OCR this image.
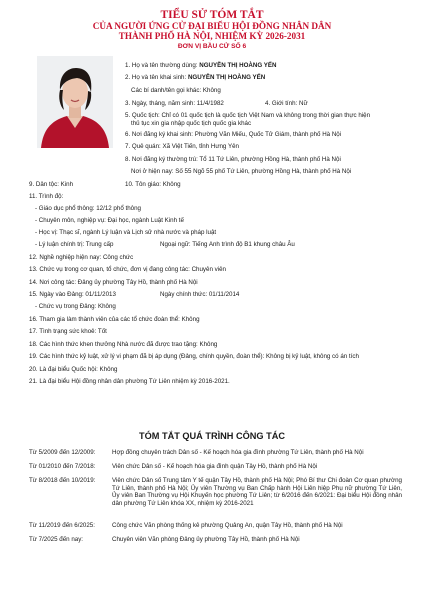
TIỂU SỬ TÓM TẮT
CỦA NGƯỜI ỨNG CỬ ĐẠI BIỂU HỘI ĐỒNG NHÂN DÂN
THÀNH PHỐ HÀ NỘI, NHIỆM KỲ 2026-2031
ĐƠN VỊ BẦU CỬ SỐ 6
1. Họ và tên thường dùng: NGUYỄN THỊ HOÀNG YẾN
2. Họ và tên khai sinh: NGUYỄN THỊ HOÀNG YẾN
Các bí danh/tên gọi khác: Không
3. Ngày, tháng, năm sinh: 11/4/1982	4. Giới tính: Nữ
5. Quốc tịch: Chỉ có 01 quốc tịch là quốc tịch Việt Nam và không trong thời gian thực hiện
thủ tục xin gia nhập quốc tịch quốc gia khác
6. Nơi đăng ký khai sinh: Phường Văn Miếu, Quốc Tử Giám, thành phố Hà Nội
7. Quê quán: Xã Việt Tiến, tỉnh Hưng Yên
8. Nơi đăng ký thường trú: Tổ 11 Tứ Liên, phường Hồng Hà, thành phố Hà Nội
Nơi ở hiện nay: Số 55 Ngõ 55 phố Tứ Liên, phường Hồng Hà, thành phố Hà Nội
9. Dân tộc: Kinh	10. Tôn giáo: Không
11. Trình độ:
- Giáo dục phổ thông: 12/12 phổ thông
- Chuyên môn, nghiệp vụ: Đại học, ngành Luật Kinh tế
- Học vị: Thạc sĩ, ngành Lý luận và Lịch sử nhà nước và pháp luật
- Lý luận chính trị: Trung cấp	Ngoại ngữ: Tiếng Anh trình độ B1 khung châu Âu
12. Nghề nghiệp hiện nay: Công chức
13. Chức vụ trong cơ quan, tổ chức, đơn vị đang công tác: Chuyên viên
14. Nơi công tác: Đảng ủy phường Tây Hồ, thành phố Hà Nội
15. Ngày vào Đảng: 01/11/2013	Ngày chính thức: 01/11/2014
- Chức vụ trong Đảng: Không
16. Tham gia làm thành viên của các tổ chức đoàn thể: Không
17. Tình trạng sức khoẻ: Tốt
18. Các hình thức khen thưởng Nhà nước đã được trao tặng: Không
19. Các hình thức kỷ luật, xử lý vi phạm đã bị áp dụng (Đảng, chính quyền, đoàn thể): Không bị kỷ luật, không có án tích
20. Là đại biểu Quốc hội: Không
21. Là đại biểu Hội đồng nhân dân phường Tứ Liên nhiệm kỳ 2016-2021.
TÓM TẮT QUÁ TRÌNH CÔNG TÁC
Từ 5/2009 đến 12/2009:	Hợp đồng chuyên trách Dân số - Kế hoạch hóa gia đình phường Tứ Liên, thành phố Hà Nội
Từ 01/2010 đến 7/2018:	Viên chức Dân số - Kế hoạch hóa gia đình quận Tây Hồ, thành phố Hà Nội
Từ 8/2018 đến 10/2019:	Viên chức Dân số Trung tâm Y tế quận Tây Hồ, thành phố Hà Nội; Phó Bí thư Chi đoàn Cơ quan phường Tứ Liên, thành phố Hà Nội; Ủy viên Thường vụ Ban Chấp hành Hội Liên hiệp Phụ nữ phường Tứ Liên, Ủy viên Ban Thường vụ Hội Khuyến học phường Tứ Liên; từ 6/2016 đến 6/2021: Đại biểu Hội đồng nhân dân phường Tứ Liên khóa XX, nhiệm kỳ 2016-2021
Từ 11/2019 đến 6/2025:	Công chức Văn phòng thống kê phường Quảng An, quận Tây Hồ, thành phố Hà Nội
Từ 7/2025 đến nay:	Chuyên viên Văn phòng Đảng ủy phường Tây Hồ, thành phố Hà Nội
